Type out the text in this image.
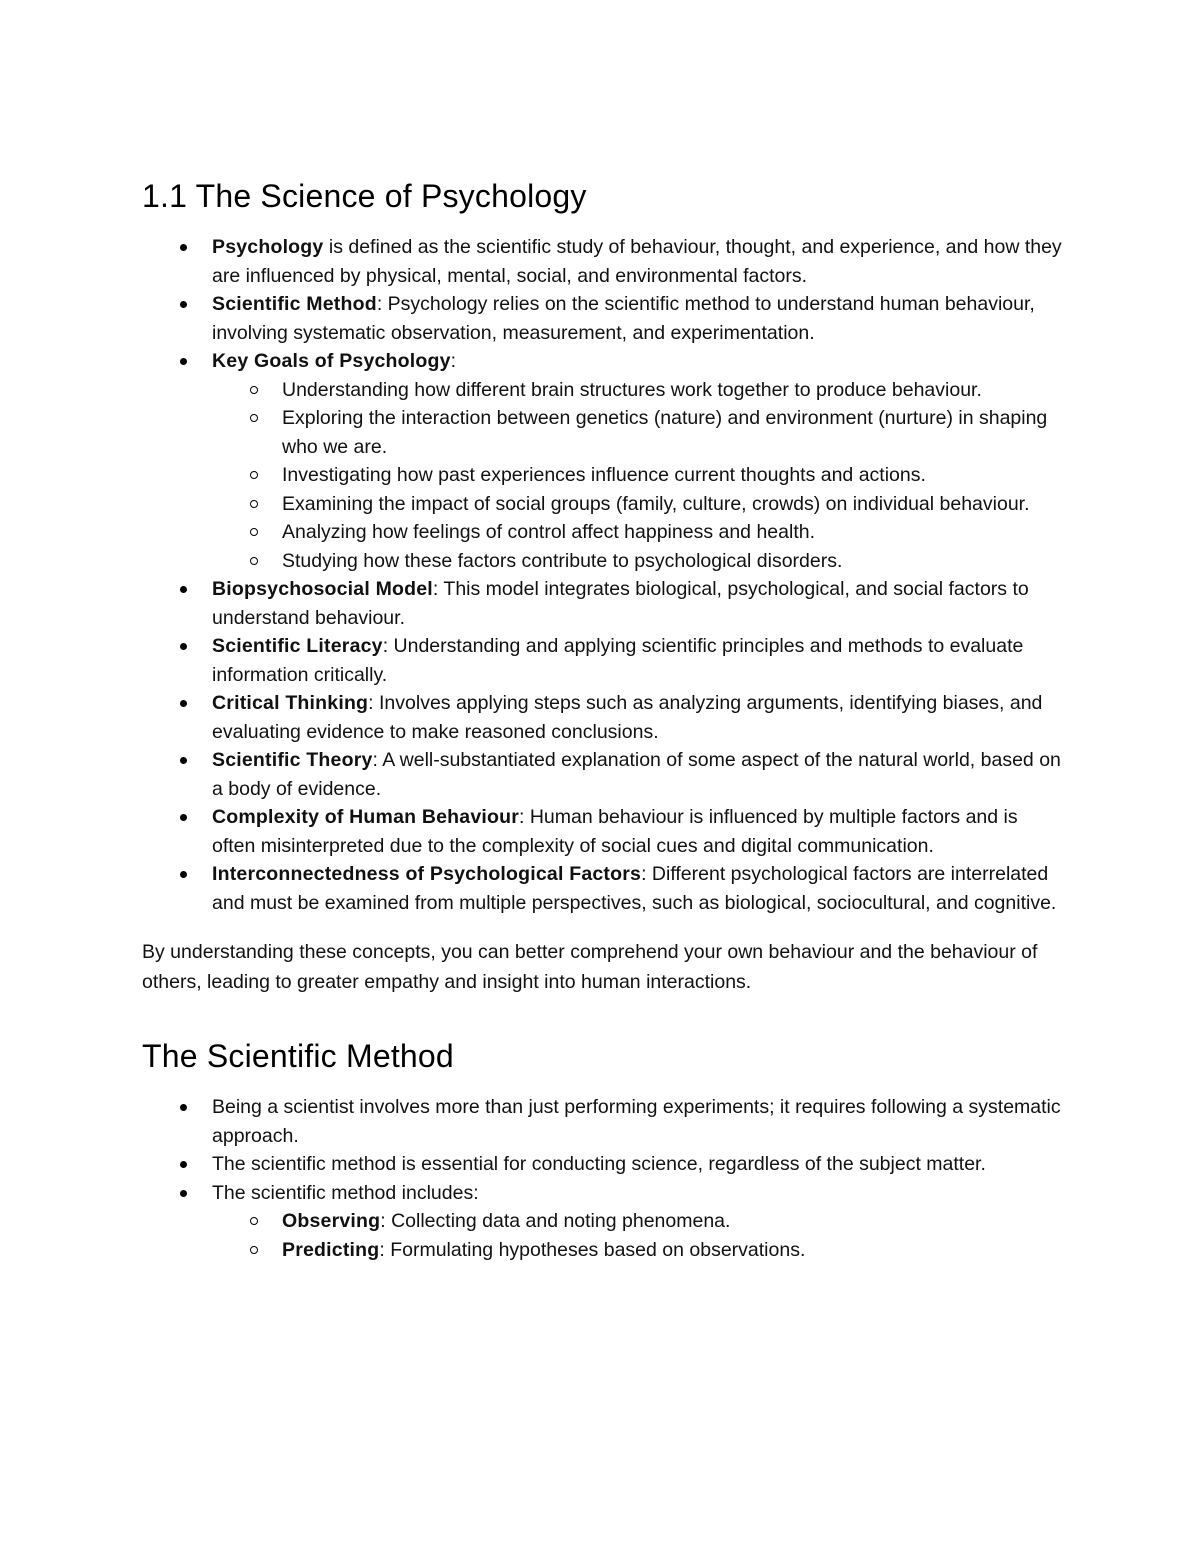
1.1 The Science of Psychology
Psychology is defined as the scientific study of behaviour, thought, and experience, and how they are influenced by physical, mental, social, and environmental factors.
Scientific Method: Psychology relies on the scientific method to understand human behaviour, involving systematic observation, measurement, and experimentation.
Key Goals of Psychology:
Understanding how different brain structures work together to produce behaviour.
Exploring the interaction between genetics (nature) and environment (nurture) in shaping who we are.
Investigating how past experiences influence current thoughts and actions.
Examining the impact of social groups (family, culture, crowds) on individual behaviour.
Analyzing how feelings of control affect happiness and health.
Studying how these factors contribute to psychological disorders.
Biopsychosocial Model: This model integrates biological, psychological, and social factors to understand behaviour.
Scientific Literacy: Understanding and applying scientific principles and methods to evaluate information critically.
Critical Thinking: Involves applying steps such as analyzing arguments, identifying biases, and evaluating evidence to make reasoned conclusions.
Scientific Theory: A well-substantiated explanation of some aspect of the natural world, based on a body of evidence.
Complexity of Human Behaviour: Human behaviour is influenced by multiple factors and is often misinterpreted due to the complexity of social cues and digital communication.
Interconnectedness of Psychological Factors: Different psychological factors are interrelated and must be examined from multiple perspectives, such as biological, sociocultural, and cognitive.

By understanding these concepts, you can better comprehend your own behaviour and the behaviour of others, leading to greater empathy and insight into human interactions.

The Scientific Method
Being a scientist involves more than just performing experiments; it requires following a systematic approach.
The scientific method is essential for conducting science, regardless of the subject matter.
The scientific method includes:
Observing: Collecting data and noting phenomena.
Predicting: Formulating hypotheses based on observations.
